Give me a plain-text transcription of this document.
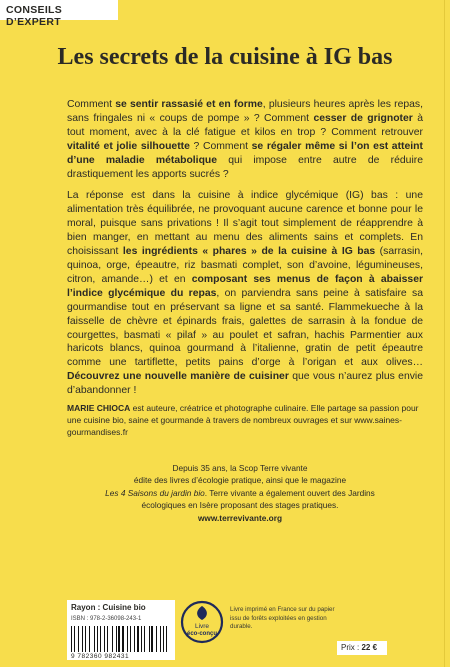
CONSEILS D’EXPERT
Les secrets de la cuisine à IG bas

Comment se sentir rassasié et en forme, plusieurs heures après les repas, sans fringales ni « coups de pompe » ? Comment cesser de grignoter à tout moment, avec à la clé fatigue et kilos en trop ? Comment retrouver vitalité et jolie silhouette ? Comment se régaler même si l’on est atteint d’une maladie métabolique qui impose entre autre de réduire drastiquement les apports sucrés ?

La réponse est dans la cuisine à indice glycémique (IG) bas : une alimentation très équilibrée, ne provoquant aucune carence et bonne pour le moral, puisque sans privations ! Il s’agit tout simplement de réapprendre à bien manger, en mettant au menu des aliments sains et complets. En choisissant les ingrédients « phares » de la cuisine à IG bas (sarrasin, quinoa, orge, épeautre, riz basmati complet, son d’avoine, légumineuses, citron, amande…) et en composant ses menus de façon à abaisser l’indice glycémique du repas, on parviendra sans peine à satisfaire sa gourmandise tout en préservant sa ligne et sa santé. Flammekueche à la faisselle de chèvre et épinards frais, galettes de sarrasin à la fondue de courgettes, basmati « pilaf » au poulet et safran, hachis Parmentier aux haricots blancs, quinoa gourmand à l’italienne, gratin de petit épeautre comme une tartiflette, petits pains d’orge à l’origan et aux olives… Découvrez une nouvelle manière de cuisiner que vous n’aurez plus envie d’abandonner !

MARIE CHIOCA est auteure, créatrice et photographe culinaire. Elle partage sa passion pour une cuisine bio, saine et gourmande à travers de nombreux ouvrages et sur www.saines-gourmandises.fr
Depuis 35 ans, la Scop Terre vivante
édite des livres d’écologie pratique, ainsi que le magazine
Les 4 Saisons du jardin bio. Terre vivante a également ouvert des Jardins
écologiques en Isère proposant des stages pratiques.
www.terrevivante.org
Rayon : Cuisine bio
ISBN : 978-2-36098-243-1
9 782360 982431
Livre
éco-conçu
Livre imprimé en France sur du papier issu de forêts exploitées en gestion durable.
Prix : 22 €
